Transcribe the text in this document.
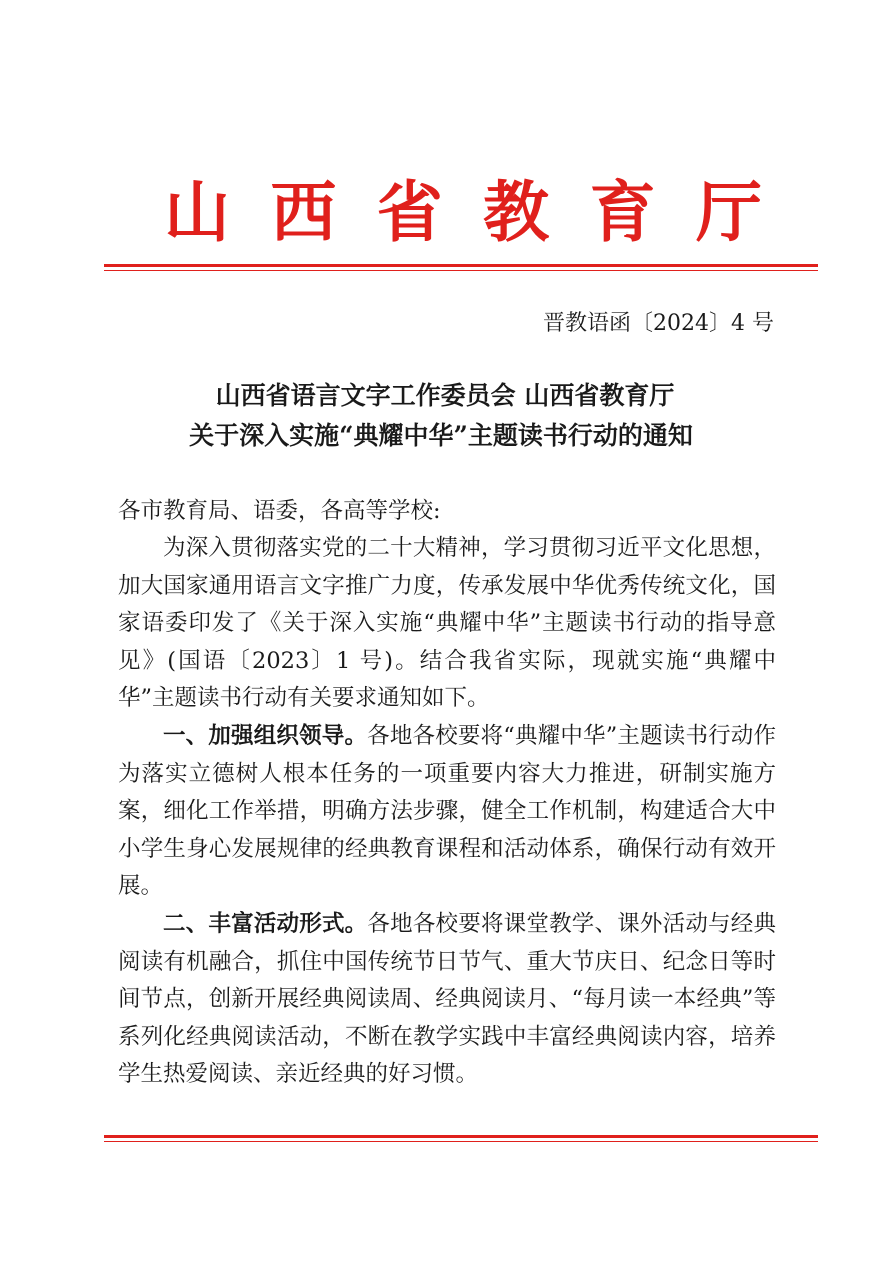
山 西 省 教 育 厅
晋教语函〔2024〕4 号
山西省语言文字工作委员会 山西省教育厅
关于深入实施“典耀中华”主题读书行动的通知
各市教育局、语委，各高等学校:

为深入贯彻落实党的二十大精神，学习贯彻习近平文化思想，加大国家通用语言文字推广力度，传承发展中华优秀传统文化，国家语委印发了《关于深入实施“典耀中华”主题读书行动的指导意见》(国语〔2023〕1 号)。结合我省实际，现就实施“典耀中华”主题读书行动有关要求通知如下。

一、加强组织领导。各地各校要将“典耀中华”主题读书行动作为落实立德树人根本任务的一项重要内容大力推进，研制实施方案，细化工作举措，明确方法步骤，健全工作机制，构建适合大中小学生身心发展规律的经典教育课程和活动体系，确保行动有效开展。

二、丰富活动形式。各地各校要将课堂教学、课外活动与经典阅读有机融合，抓住中国传统节日节气、重大节庆日、纪念日等时间节点，创新开展经典阅读周、经典阅读月、“每月读一本经典”等系列化经典阅读活动，不断在教学实践中丰富经典阅读内容，培养学生热爱阅读、亲近经典的好习惯。
